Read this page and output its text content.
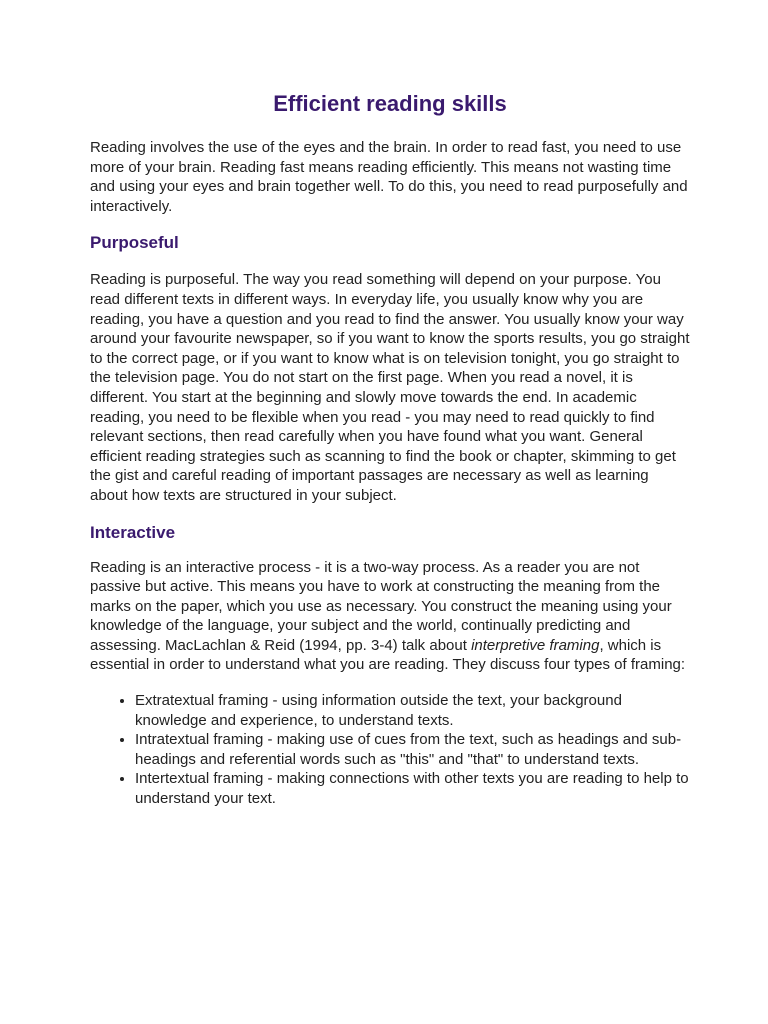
Efficient reading skills

Reading involves the use of the eyes and the brain. In order to read fast, you need to use more of your brain. Reading fast means reading efficiently. This means not wasting time and using your eyes and brain together well. To do this, you need to read purposefully and interactively.

Purposeful

Reading is purposeful. The way you read something will depend on your purpose. You read different texts in different ways. In everyday life, you usually know why you are reading, you have a question and you read to find the answer. You usually know your way around your favourite newspaper, so if you want to know the sports results, you go straight to the correct page, or if you want to know what is on television tonight, you go straight to the television page. You do not start on the first page. When you read a novel, it is different. You start at the beginning and slowly move towards the end. In academic reading, you need to be flexible when you read - you may need to read quickly to find relevant sections, then read carefully when you have found what you want. General efficient reading strategies such as scanning to find the book or chapter, skimming to get the gist and careful reading of important passages are necessary as well as learning about how texts are structured in your subject.

Interactive

Reading is an interactive process - it is a two-way process. As a reader you are not passive but active. This means you have to work at constructing the meaning from the marks on the paper, which you use as necessary. You construct the meaning using your knowledge of the language, your subject and the world, continually predicting and assessing. MacLachlan & Reid (1994, pp. 3-4) talk about interpretive framing, which is essential in order to understand what you are reading. They discuss four types of framing:

• Extratextual framing - using information outside the text, your background knowledge and experience, to understand texts.
• Intratextual framing - making use of cues from the text, such as headings and sub-headings and referential words such as "this" and "that" to understand texts.
• Intertextual framing - making connections with other texts you are reading to help to understand your text.
